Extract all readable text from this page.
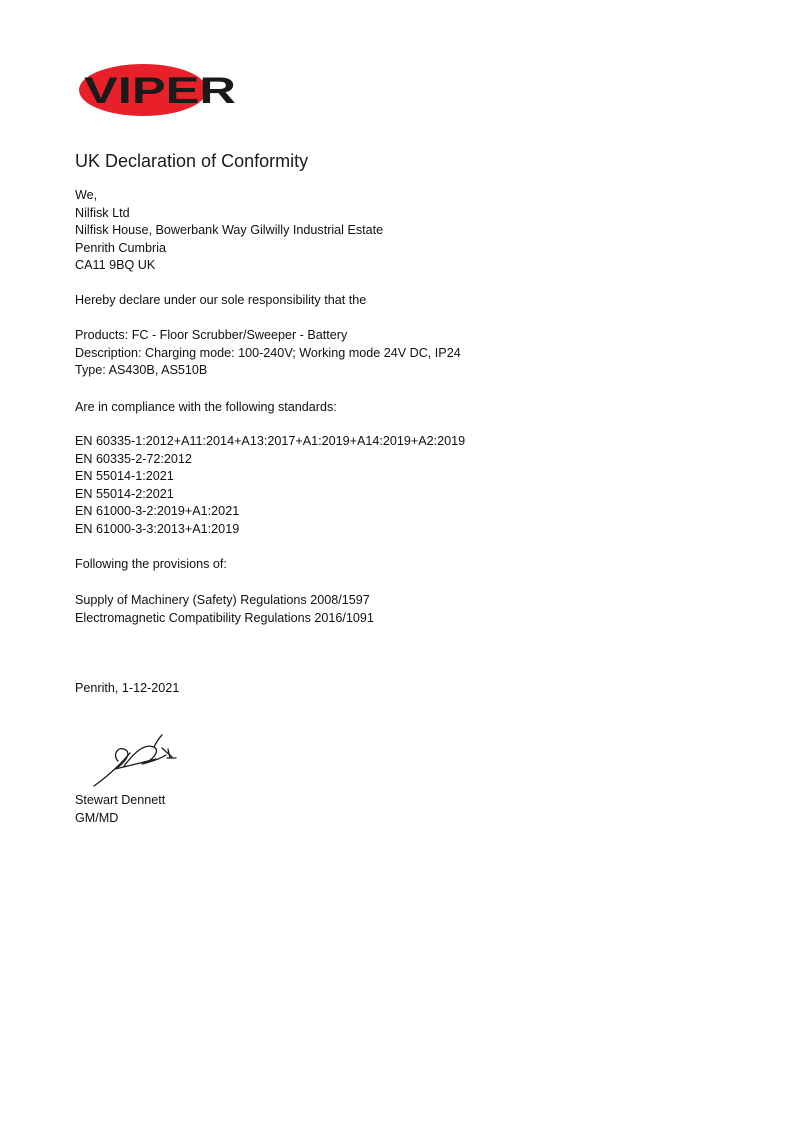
VIPER
UK Declaration of Conformity
We,
Nilfisk Ltd
Nilfisk House, Bowerbank Way Gilwilly Industrial Estate
Penrith Cumbria
CA11 9BQ UK
Hereby declare under our sole responsibility that the
Products: FC - Floor Scrubber/Sweeper - Battery
Description: Charging mode: 100-240V; Working mode 24V DC, IP24
Type: AS430B, AS510B
Are in compliance with the following standards:
EN 60335-1:2012+A11:2014+A13:2017+A1:2019+A14:2019+A2:2019
EN 60335-2-72:2012
EN 55014-1:2021
EN 55014-2:2021
EN 61000-3-2:2019+A1:2021
EN 61000-3-3:2013+A1:2019
Following the provisions of:
Supply of Machinery (Safety) Regulations 2008/1597
Electromagnetic Compatibility Regulations 2016/1091
Penrith, 1-12-2021
Stewart Dennett
GM/MD
